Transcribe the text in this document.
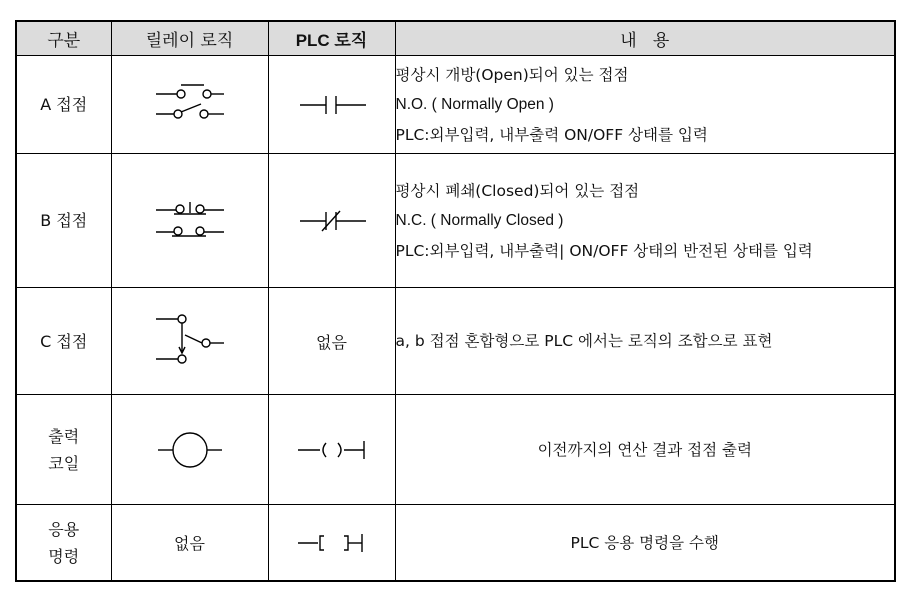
구분	릴레이 로직	PLC 로직	내   용
A 접점			평상시 개방(Open)되어 있는 접점
N.O. ( Normally Open )
PLC:외부입력, 내부출력 ON/OFF 상태를 입력

B 접점			평상시 폐쇄(Closed)되어 있는 접점
N.C. ( Normally Closed )
PLC:외부입력, 내부출력| ON/OFF 상태의 반전된 상태를 입력

C 접점		없음	a, b 접점 혼합형으로 PLC 에서는 로직의 조합으로 표현

출력
코일			이전까지의 연산 결과 접점 출력

응용
명령	없음		PLC 응용 명령을 수행
